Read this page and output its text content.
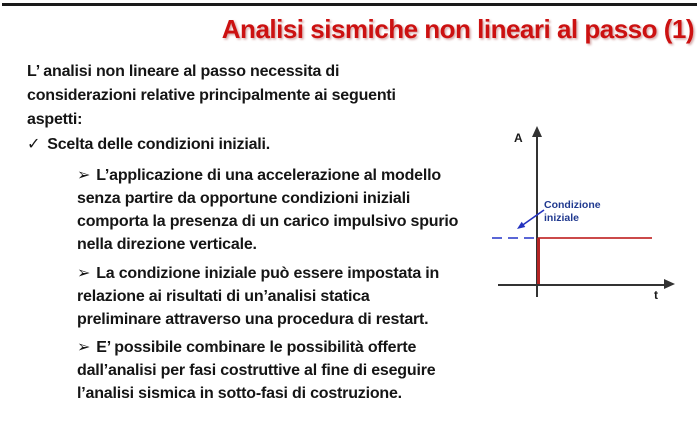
Analisi sismiche non lineari al passo (1)
L’ analisi non lineare al passo necessita di
considerazioni relative principalmente ai seguenti
aspetti:
✓ Scelta delle condizioni iniziali.
➢ L’applicazione di una accelerazione al modello
senza partire da opportune condizioni iniziali
comporta la presenza di un carico impulsivo spurio
nella direzione verticale.
➢ La condizione iniziale può essere impostata in
relazione ai risultati di un’analisi statica
preliminare attraverso una procedura di restart.
➢ E’ possibile combinare le possibilità offerte
dall’analisi per fasi costruttive al fine di eseguire
l’analisi sismica in sotto-fasi di costruzione.
A
t
Condizione
iniziale
